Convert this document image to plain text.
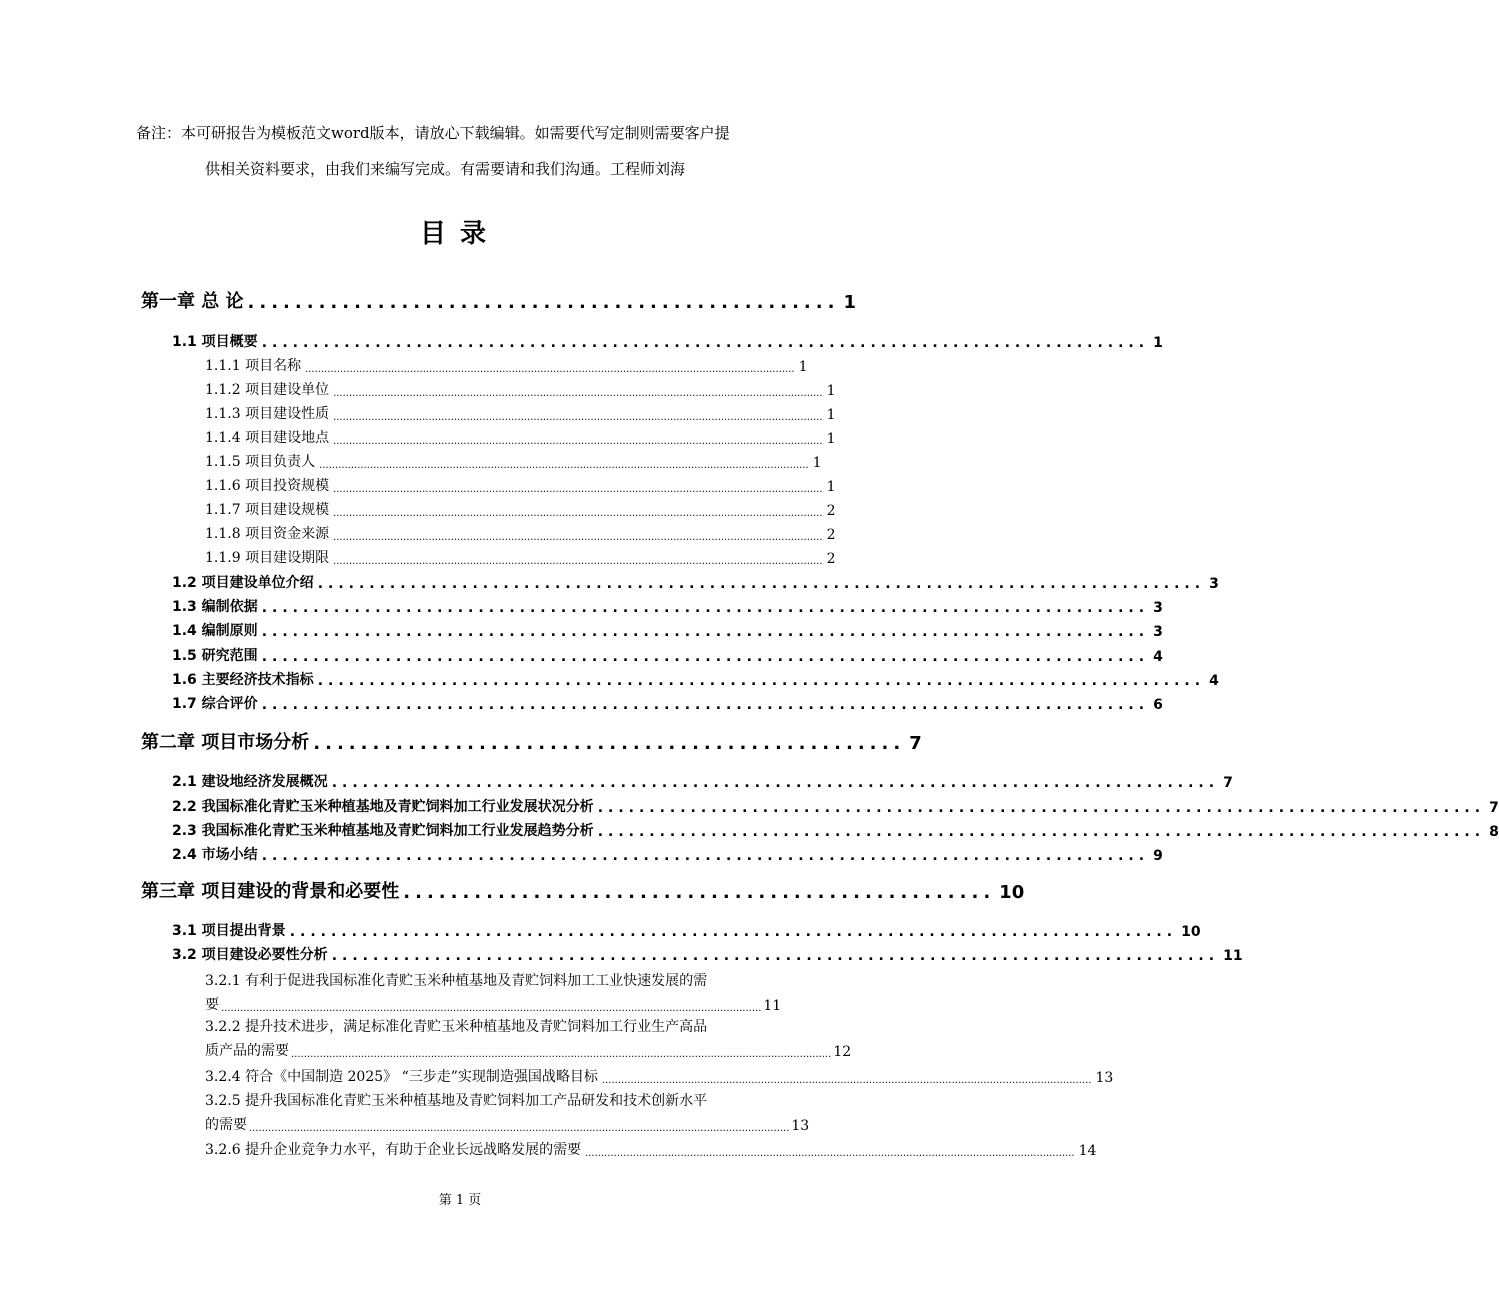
备注：本可研报告为模板范文word版本，请放心下载编辑。如需要代写定制则需要客户提
供相关资料要求，由我们来编写完成。有需要请和我们沟通。工程师刘海
目录
第一章 总 论 .................................................. 1
1.1 项目概要 ...................................................................................... 1
1.1.1 项目名称 .......................................................................................................................................................... 1
1.1.2 项目建设单位 .......................................................................................................................................................... 1
1.1.3 项目建设性质 .......................................................................................................................................................... 1
1.1.4 项目建设地点 .......................................................................................................................................................... 1
1.1.5 项目负责人 .......................................................................................................................................................... 1
1.1.6 项目投资规模 .......................................................................................................................................................... 1
1.1.7 项目建设规模 .......................................................................................................................................................... 2
1.1.8 项目资金来源 .......................................................................................................................................................... 2
1.1.9 项目建设期限 .......................................................................................................................................................... 2
1.2 项目建设单位介绍 ...................................................................................... 3
1.3 编制依据 ...................................................................................... 3
1.4 编制原则 ...................................................................................... 3
1.5 研究范围 ...................................................................................... 4
1.6 主要经济技术指标 ...................................................................................... 4
1.7 综合评价 ...................................................................................... 6
第二章 项目市场分析 .................................................. 7
2.1 建设地经济发展概况 ...................................................................................... 7
2.2 我国标准化青贮玉米种植基地及青贮饲料加工行业发展状况分析 ...................................................................................... 7
2.3 我国标准化青贮玉米种植基地及青贮饲料加工行业发展趋势分析 ...................................................................................... 8
2.4 市场小结 ...................................................................................... 9
第三章 项目建设的背景和必要性 .................................................. 10
3.1 项目提出背景 ...................................................................................... 10
3.2 项目建设必要性分析 ...................................................................................... 11
3.2.1 有利于促进我国标准化青贮玉米种植基地及青贮饲料加工工业快速发展的需
要 .......................................................................................................................................................................... 11
3.2.2 提升技术进步，满足标准化青贮玉米种植基地及青贮饲料加工行业生产高品
质产品的需要 .......................................................................................................................................................................... 12
3.2.4 符合《中国制造 2025》 “三步走”实现制造强国战略目标 .......................................................................................................................................................... 13
3.2.5 提升我国标准化青贮玉米种植基地及青贮饲料加工产品研发和技术创新水平
的需要 .......................................................................................................................................................................... 13
3.2.6 提升企业竞争力水平，有助于企业长远战略发展的需要 .......................................................................................................................................................... 14
第 1 页
